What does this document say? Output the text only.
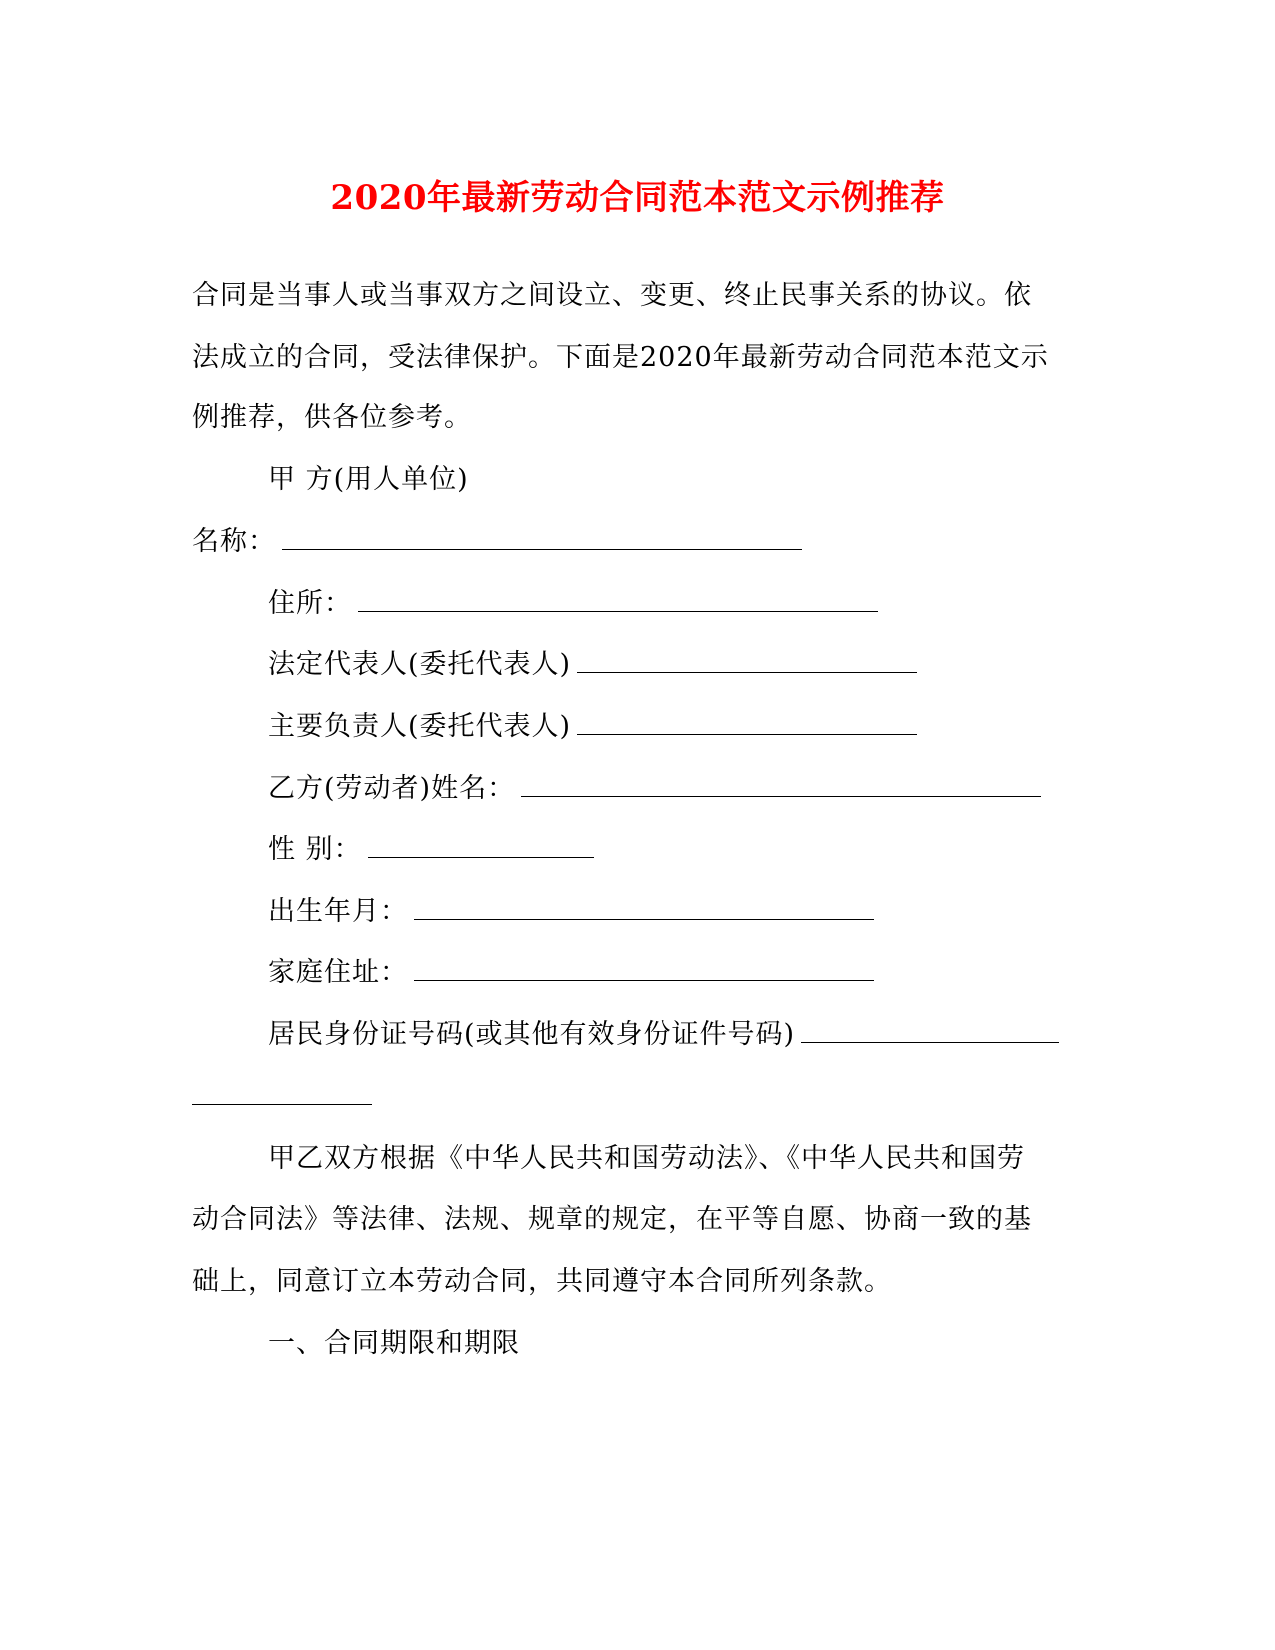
2020年最新劳动合同范本范文示例推荐
合同是当事人或当事双方之间设立、变更、终止民事关系的协议。依
法成立的合同，受法律保护。下面是2020年最新劳动合同范本范文示
例推荐，供各位参考。
甲 方(用人单位)
名称：
住所：
法定代表人(委托代表人)
主要负责人(委托代表人)
乙方(劳动者)姓名：
性 别：
出生年月：
家庭住址：
居民身份证号码(或其他有效身份证件号码)
甲乙双方根据《中华人民共和国劳动法》、《中华人民共和国劳
动合同法》等法律、法规、规章的规定，在平等自愿、协商一致的基
础上，同意订立本劳动合同，共同遵守本合同所列条款。
一、合同期限和期限
